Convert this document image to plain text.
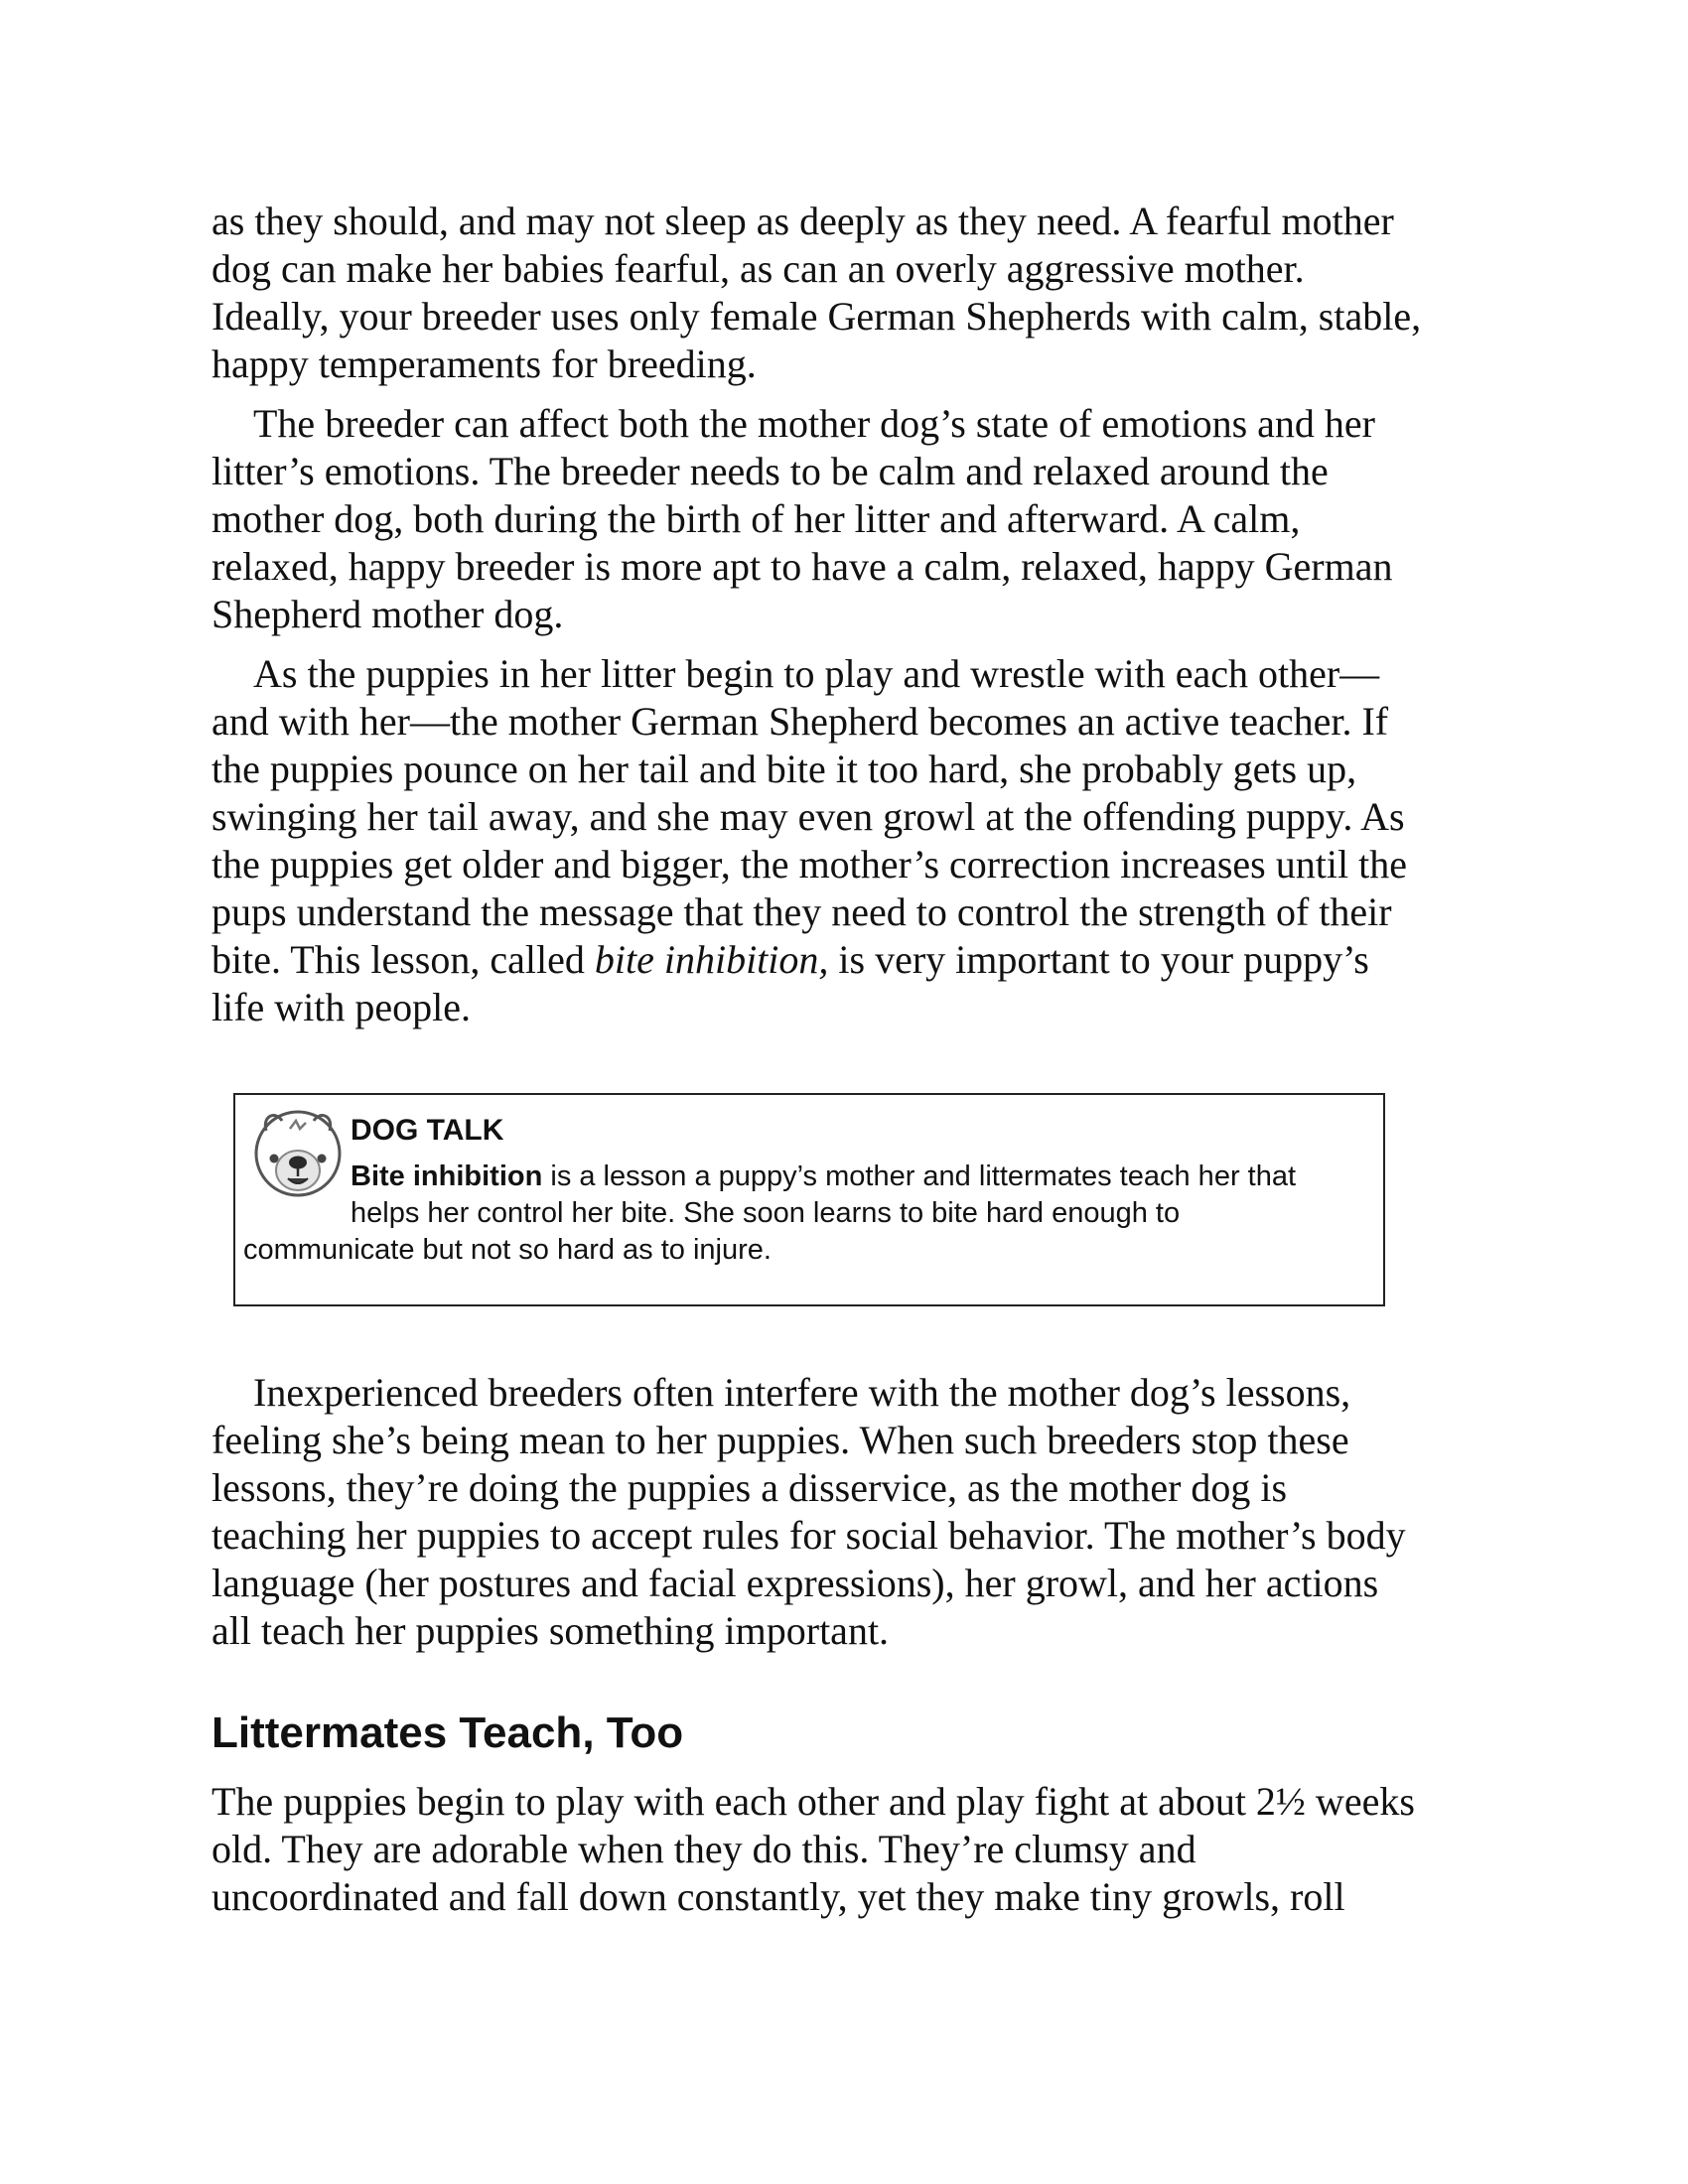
as they should, and may not sleep as deeply as they need. A fearful mother
dog can make her babies fearful, as can an overly aggressive mother.
Ideally, your breeder uses only female German Shepherds with calm, stable,
happy temperaments for breeding.

The breeder can affect both the mother dog’s state of emotions and her
litter’s emotions. The breeder needs to be calm and relaxed around the
mother dog, both during the birth of her litter and afterward. A calm,
relaxed, happy breeder is more apt to have a calm, relaxed, happy German
Shepherd mother dog.

As the puppies in her litter begin to play and wrestle with each other—
and with her—the mother German Shepherd becomes an active teacher. If
the puppies pounce on her tail and bite it too hard, she probably gets up,
swinging her tail away, and she may even growl at the offending puppy. As
the puppies get older and bigger, the mother’s correction increases until the
pups understand the message that they need to control the strength of their
bite. This lesson, called bite inhibition, is very important to your puppy’s
life with people.

DOG TALK
Bite inhibition is a lesson a puppy’s mother and littermates teach her that
helps her control her bite. She soon learns to bite hard enough to
communicate but not so hard as to injure.

Inexperienced breeders often interfere with the mother dog’s lessons,
feeling she’s being mean to her puppies. When such breeders stop these
lessons, they’re doing the puppies a disservice, as the mother dog is
teaching her puppies to accept rules for social behavior. The mother’s body
language (her postures and facial expressions), her growl, and her actions
all teach her puppies something important.

Littermates Teach, Too

The puppies begin to play with each other and play fight at about 2½ weeks
old. They are adorable when they do this. They’re clumsy and
uncoordinated and fall down constantly, yet they make tiny growls, roll
